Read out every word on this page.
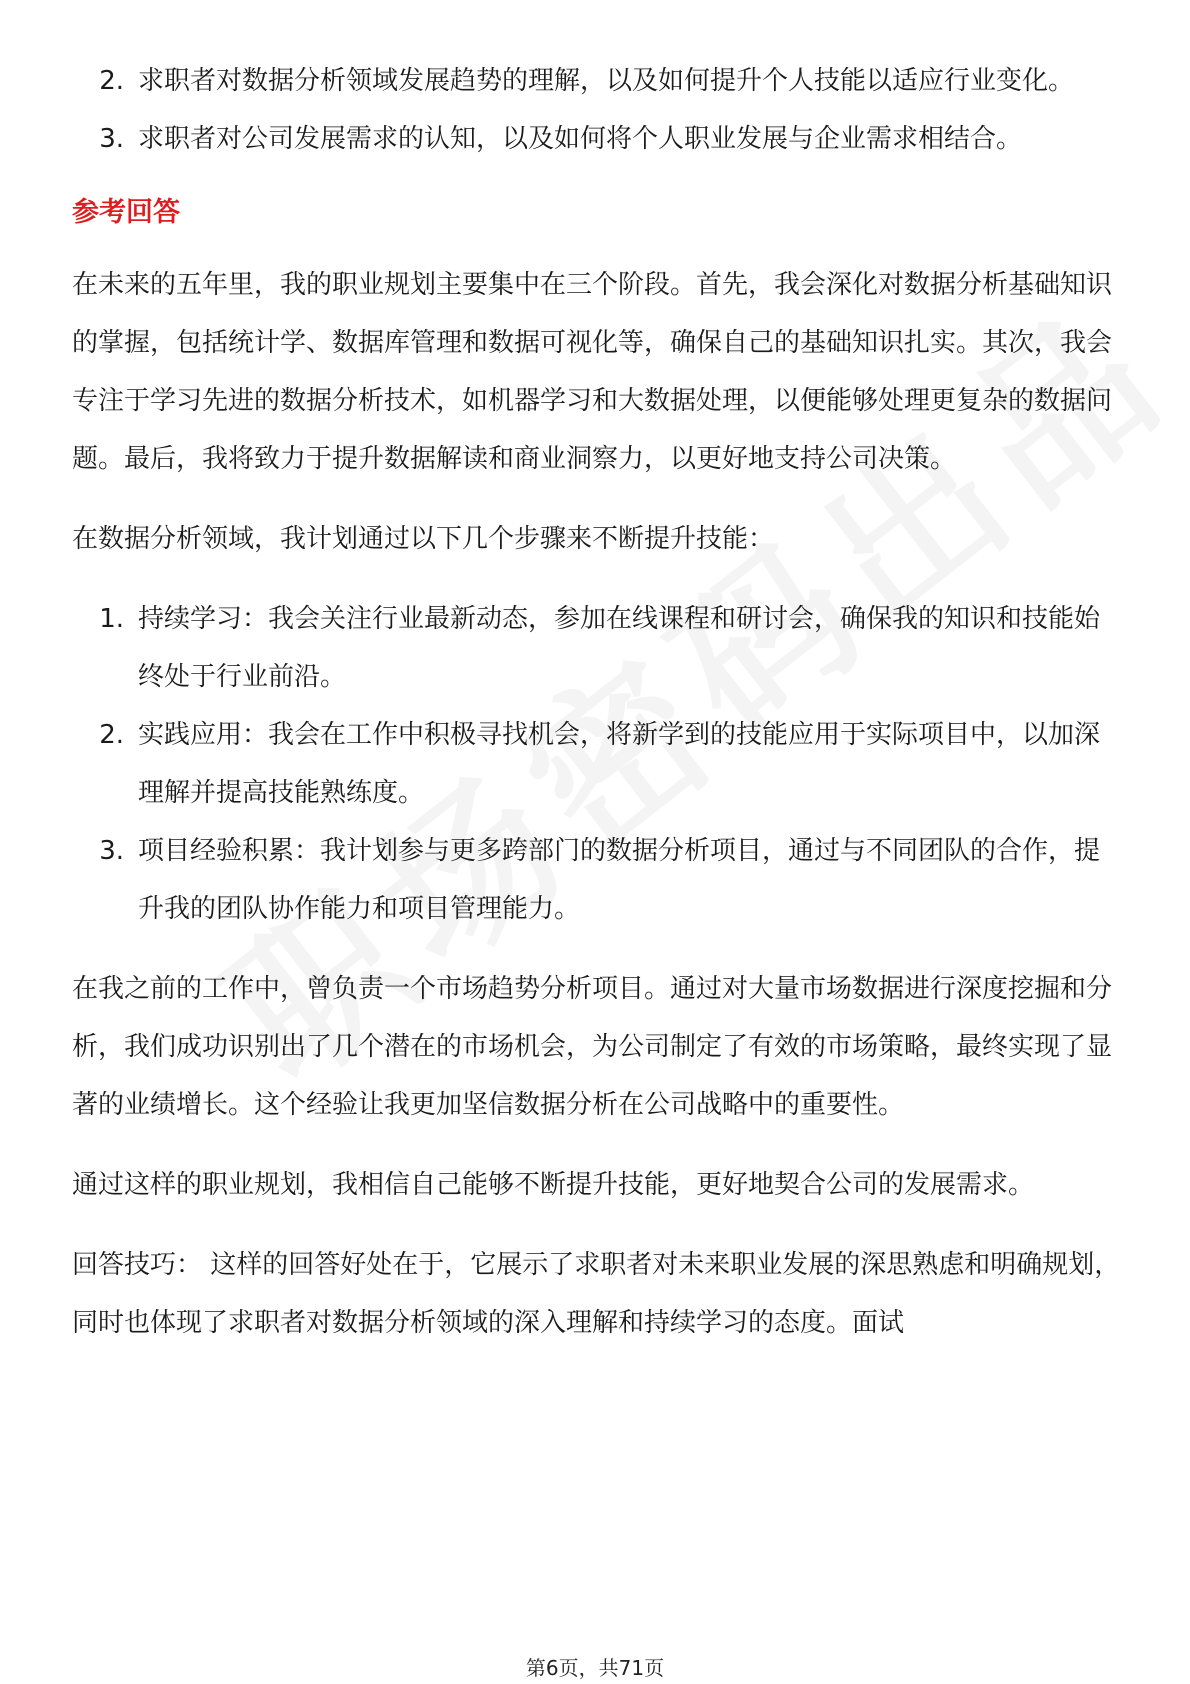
2. 求职者对数据分析领域发展趋势的理解，以及如何提升个人技能以适应行业变化。
3. 求职者对公司发展需求的认知，以及如何将个人职业发展与企业需求相结合。
参考回答

在未来的五年里，我的职业规划主要集中在三个阶段。首先，我会深化对数据分析基础知识的掌握，包括统计学、数据库管理和数据可视化等，确保自己的基础知识扎实。其次，我会专注于学习先进的数据分析技术，如机器学习和大数据处理，以便能够处理更复杂的数据问题。最后，我将致力于提升数据解读和商业洞察力，以更好地支持公司决策。

在数据分析领域，我计划通过以下几个步骤来不断提升技能：

1. 持续学习：我会关注行业最新动态，参加在线课程和研讨会，确保我的知识和技能始终处于行业前沿。
2. 实践应用：我会在工作中积极寻找机会，将新学到的技能应用于实际项目中，以加深理解并提高技能熟练度。
3. 项目经验积累：我计划参与更多跨部门的数据分析项目，通过与不同团队的合作，提升我的团队协作能力和项目管理能力。

在我之前的工作中，曾负责一个市场趋势分析项目。通过对大量市场数据进行深度挖掘和分析，我们成功识别出了几个潜在的市场机会，为公司制定了有效的市场策略，最终实现了显著的业绩增长。这个经验让我更加坚信数据分析在公司战略中的重要性。

通过这样的职业规划，我相信自己能够不断提升技能，更好地契合公司的发展需求。

回答技巧： 这样的回答好处在于，它展示了求职者对未来职业发展的深思熟虑和明确规划，同时也体现了求职者对数据分析领域的深入理解和持续学习的态度。面试

第6页，共71页
